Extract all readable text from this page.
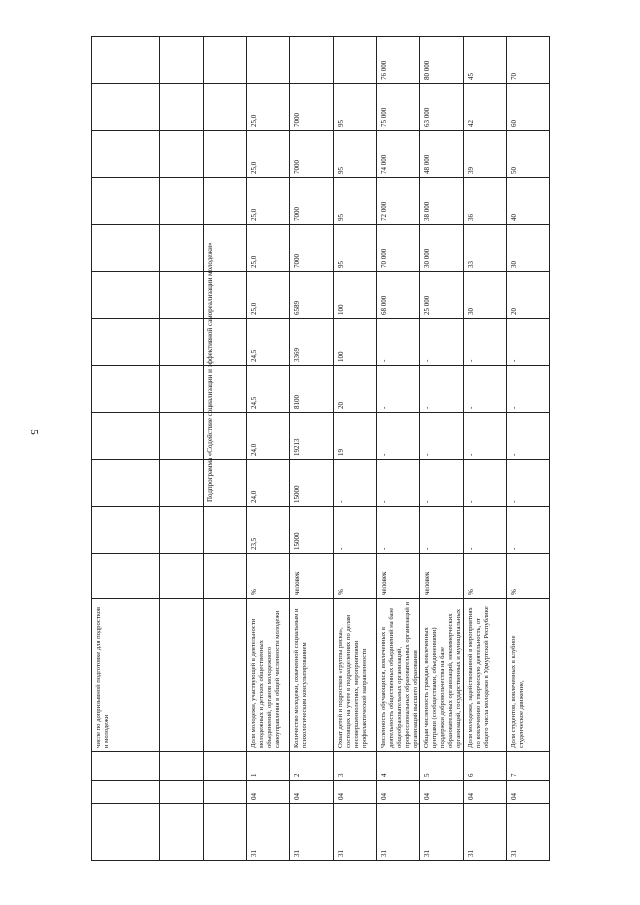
5

						76 000	80 000	45	70

			25,0	7000	95	75 000	63 000	42	60

			25,0	7000	95	74 000	48 000	39	50

			25,0	7000	95	72 000	38 000	36	40

			25,0	7000	95	70 000	30 000	33	30

		Подпрограмма «Содействие социализации и эффективной самореализации молодежи»	25,0	6589	100	68 000	25 000	30	20

			24,5	3369	100	-	-	-	-

			24,5	8100	20	-	-	-	-

			24,0	19213	19	-	-	-	-

			24,0	15000	-	-	-	-	-

			23,5	15000	-	-	-	-	-

			%	человек	%	человек	человек	%	%

числе по допризывной подготовке для подростков и молодежи			Доля молодежи, участвующей в деятельности молодежных и детских общественных объединений, органов молодежного самоуправления в общей численности молодежи	Количество молодежи, охваченной социальным и психологическим консультированием	Охват детей и подростков «группы риска», состоящих на учете в подразделениях по делам несовершеннолетних, мероприятиями профилактической направленности	Численность обучающихся, вовлеченных в деятельность общественных объединений на базе общеобразовательных организаций, профессиональных образовательных организаций и организаций высшего образования	Общая численность граждан, вовлеченных центрами (сообществами, объединениями) поддержки добровольчества на базе образовательных организаций, некоммерческих организаций, государственных и муниципальных	Доля молодежи, задействованной в мероприятиях по вовлечению в творческую деятельность, от общего числа молодежи в Удмуртской Республике	Доля студентов, вовлеченных в клубное студенческое движение,

			1	2	3	4	5	6	7

			04	04	04	04	04	04	04

			31	31	31	31	31	31	31
